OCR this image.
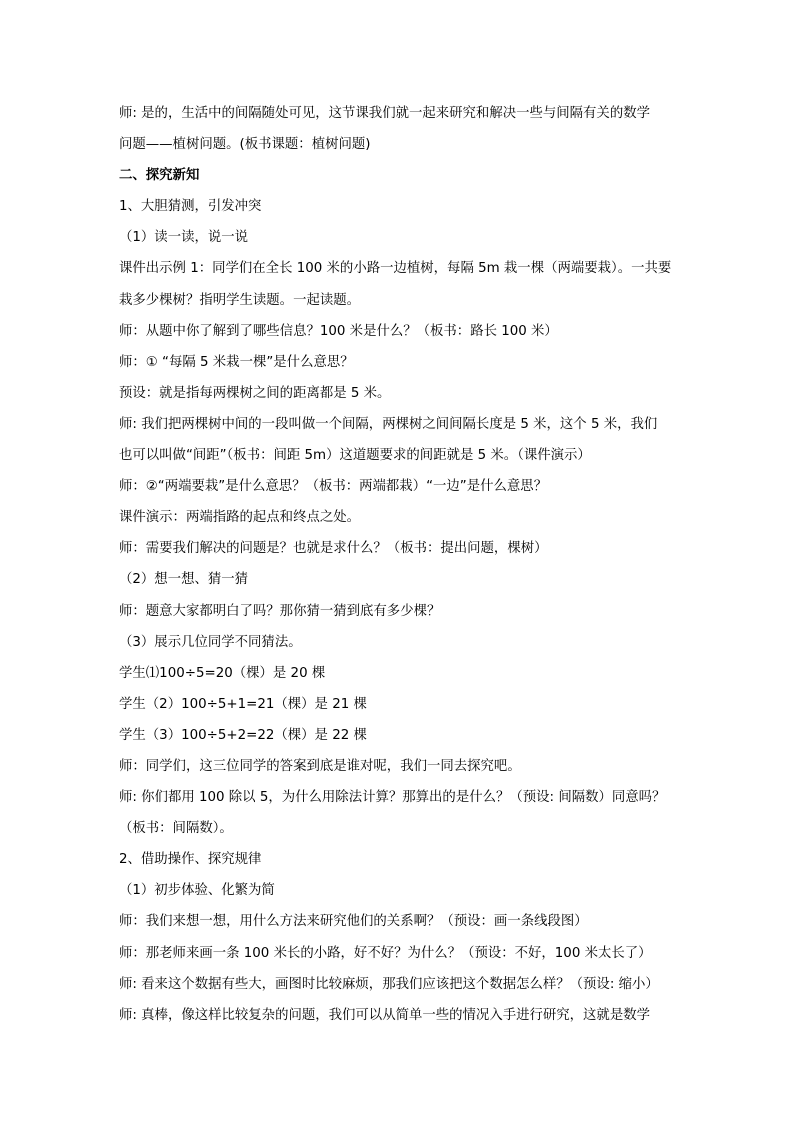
师: 是的，生活中的间隔随处可见，这节课我们就一起来研究和解决一些与间隔有关的数学
问题——植树问题。(板书课题：植树问题)
二、探究新知
1、大胆猜测，引发冲突
（1）读一读，说一说
课件出示例 1：同学们在全长 100 米的小路一边植树，每隔 5m 栽一棵（两端要栽）。一共要
栽多少棵树？指明学生读题。一起读题。
师：从题中你了解到了哪些信息？100 米是什么？（板书：路长 100 米）
师：① “每隔 5 米栽一棵”是什么意思？
预设：就是指每两棵树之间的距离都是 5 米。
师: 我们把两棵树中间的一段叫做一个间隔，两棵树之间间隔长度是 5 米，这个 5 米，我们
也可以叫做“间距”（板书：间距 5m）这道题要求的间距就是 5 米。（课件演示）
师：②“两端要栽”是什么意思？（板书：两端都栽）“一边”是什么意思？
课件演示：两端指路的起点和终点之处。
师：需要我们解决的问题是？也就是求什么？（板书：提出问题，棵树）
（2）想一想、猜一猜
师：题意大家都明白了吗？那你猜一猜到底有多少棵？
（3）展示几位同学不同猜法。
学生⑴100÷5=20（棵）是 20 棵
学生（2）100÷5+1=21（棵）是 21 棵
学生（3）100÷5+2=22（棵）是 22 棵
师：同学们，这三位同学的答案到底是谁对呢，我们一同去探究吧。
师: 你们都用 100 除以 5，为什么用除法计算？那算出的是什么？（预设: 间隔数）同意吗？
（板书：间隔数）。
2、借助操作、探究规律
（1）初步体验、化繁为简
师：我们来想一想，用什么方法来研究他们的关系啊？（预设：画一条线段图）
师：那老师来画一条 100 米长的小路，好不好？为什么？（预设：不好，100 米太长了）
师: 看来这个数据有些大，画图时比较麻烦，那我们应该把这个数据怎么样？（预设: 缩小）
师: 真棒，像这样比较复杂的问题，我们可以从简单一些的情况入手进行研究，这就是数学
